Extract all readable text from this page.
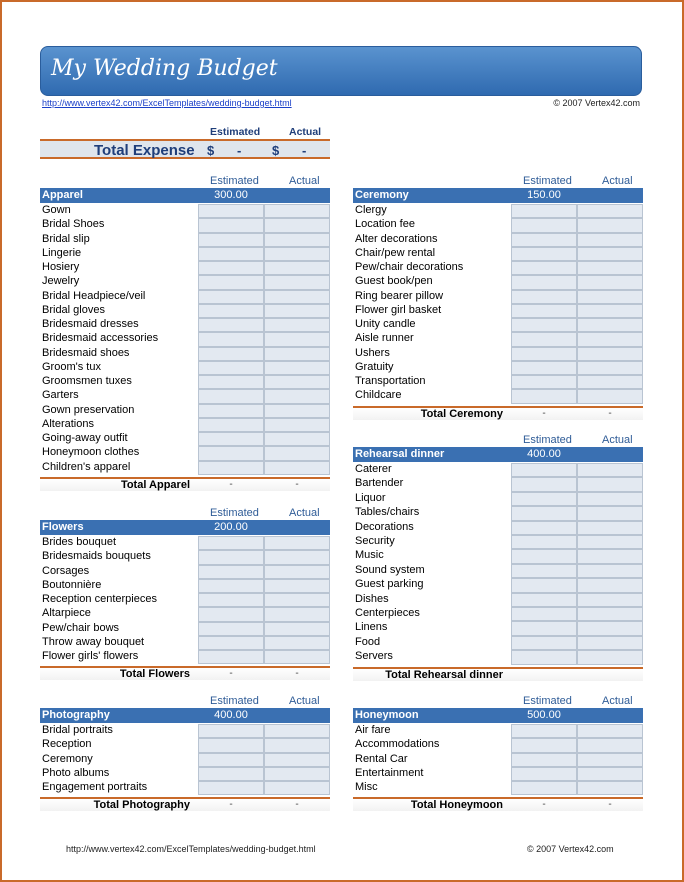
My Wedding Budget
http://www.vertex42.com/ExcelTemplates/wedding-budget.html	© 2007 Vertex42.com
Estimated	Actual
Total Expense $ - $ -
Estimated	Actual
Apparel	300.00
Gown
Bridal Shoes
Bridal slip
Lingerie
Hosiery
Jewelry
Bridal Headpiece/veil
Bridal gloves
Bridesmaid dresses
Bridesmaid accessories
Bridesmaid shoes
Groom's tux
Groomsmen tuxes
Garters
Gown preservation
Alterations
Going-away outfit
Honeymoon clothes
Children's apparel
Total Apparel	-	-
Estimated	Actual
Flowers	200.00
Brides bouquet
Bridesmaids bouquets
Corsages
Boutonnière
Reception centerpieces
Altarpiece
Pew/chair bows
Throw away bouquet
Flower girls' flowers
Total Flowers	-	-
Estimated	Actual
Photography	400.00
Bridal portraits
Reception
Ceremony
Photo albums
Engagement portraits
Total Photography	-	-
Estimated	Actual
Ceremony	150.00
Clergy
Location fee
Alter decorations
Chair/pew rental
Pew/chair decorations
Guest book/pen
Ring bearer pillow
Flower girl basket
Unity candle
Aisle runner
Ushers
Gratuity
Transportation
Childcare
Total Ceremony	-	-
Estimated	Actual
Rehearsal dinner	400.00
Caterer
Bartender
Liquor
Tables/chairs
Decorations
Security
Music
Sound system
Guest parking
Dishes
Centerpieces
Linens
Food
Servers
Total Rehearsal dinner
Estimated	Actual
Honeymoon	500.00
Air fare
Accommodations
Rental Car
Entertainment
Misc
Total Honeymoon	-	-
http://www.vertex42.com/ExcelTemplates/wedding-budget.html	© 2007 Vertex42.com
